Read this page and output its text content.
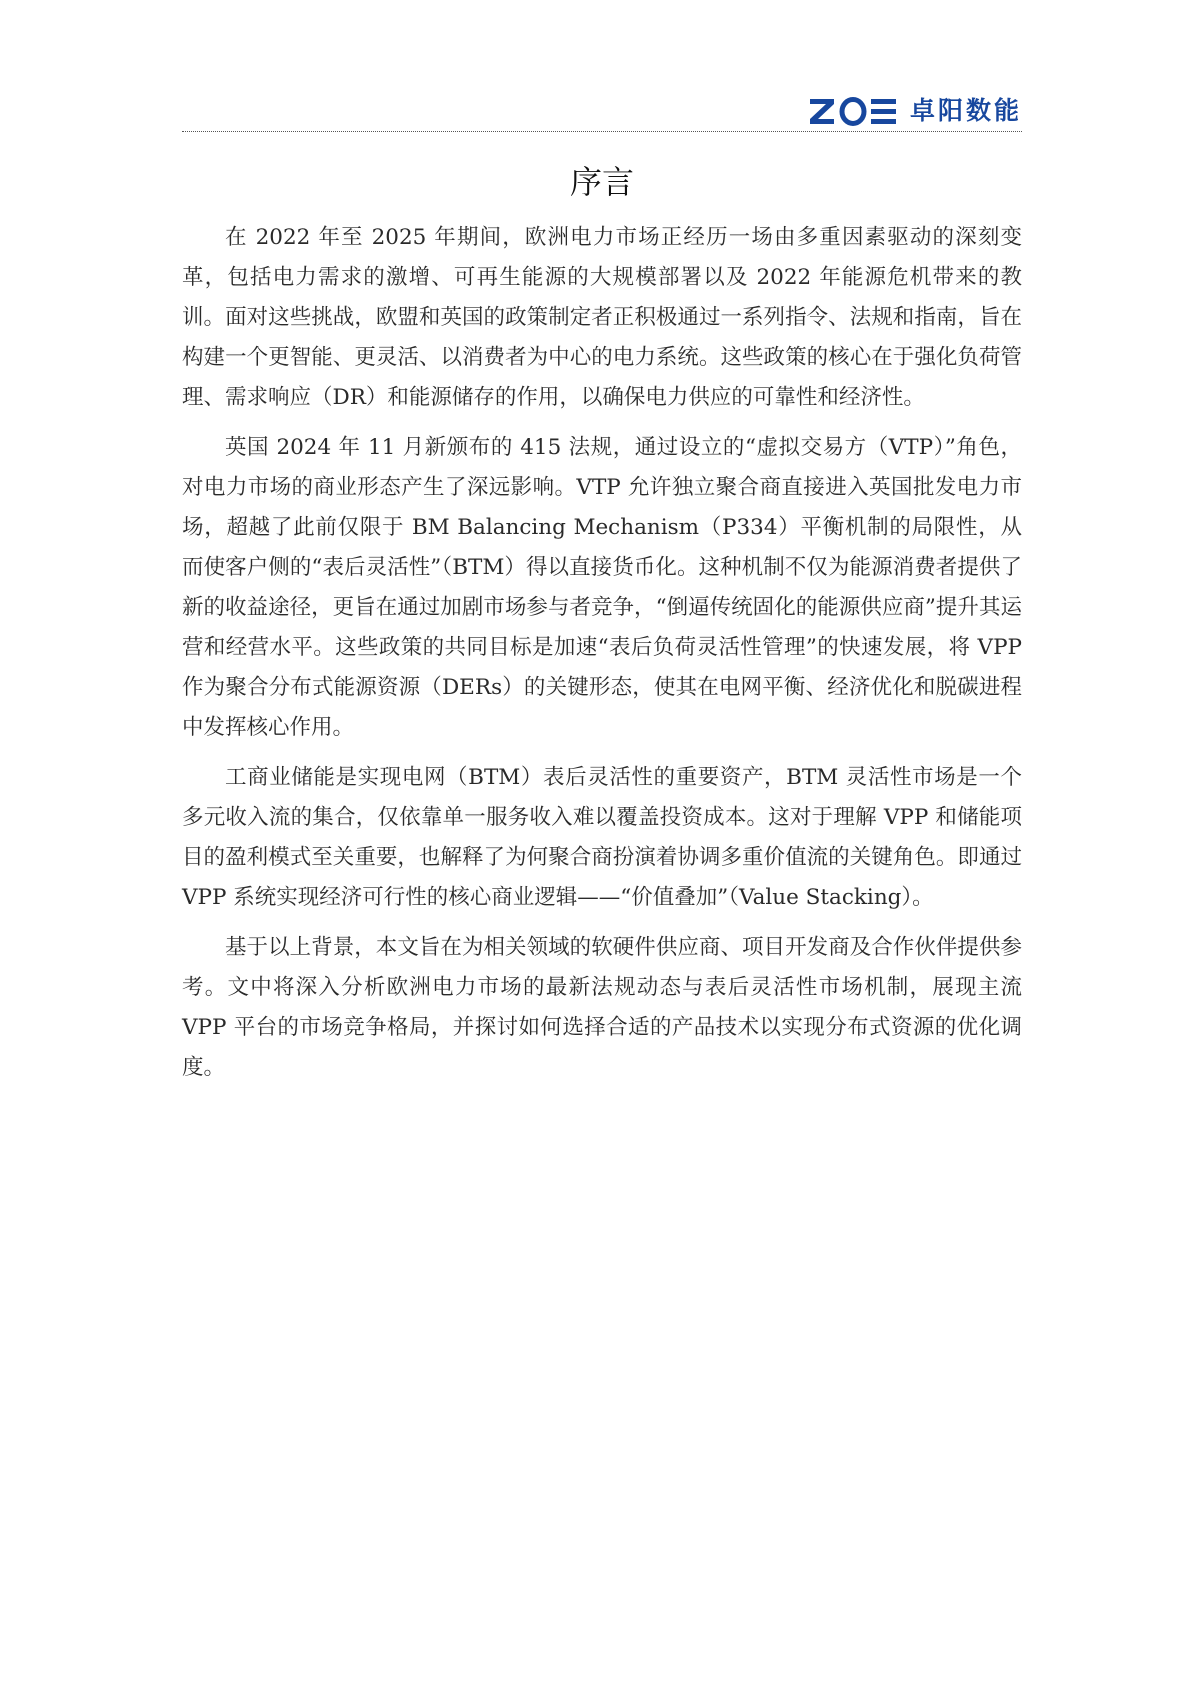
卓阳数能
序言

在 2022 年至 2025 年期间，欧洲电力市场正经历一场由多重因素驱动的深刻变革，包括电力需求的激增、可再生能源的大规模部署以及 2022 年能源危机带来的教训。面对这些挑战，欧盟和英国的政策制定者正积极通过一系列指令、法规和指南，旨在构建一个更智能、更灵活、以消费者为中心的电力系统。这些政策的核心在于强化负荷管理、需求响应（DR）和能源储存的作用，以确保电力供应的可靠性和经济性。

英国 2024 年 11 月新颁布的 415 法规，通过设立的“虚拟交易方（VTP）”角色，对电力市场的商业形态产生了深远影响。VTP 允许独立聚合商直接进入英国批发电力市场，超越了此前仅限于 BM Balancing Mechanism（P334）平衡机制的局限性，从而使客户侧的“表后灵活性”（BTM）得以直接货币化。这种机制不仅为能源消费者提供了新的收益途径，更旨在通过加剧市场参与者竞争，“倒逼传统固化的能源供应商”提升其运营和经营水平。这些政策的共同目标是加速“表后负荷灵活性管理”的快速发展，将 VPP 作为聚合分布式能源资源（DERs）的关键形态，使其在电网平衡、经济优化和脱碳进程中发挥核心作用。

工商业储能是实现电网（BTM）表后灵活性的重要资产，BTM 灵活性市场是一个多元收入流的集合，仅依靠单一服务收入难以覆盖投资成本。这对于理解 VPP 和储能项目的盈利模式至关重要，也解释了为何聚合商扮演着协调多重价值流的关键角色。即通过 VPP 系统实现经济可行性的核心商业逻辑——“价值叠加”（Value Stacking）。

基于以上背景，本文旨在为相关领域的软硬件供应商、项目开发商及合作伙伴提供参考。文中将深入分析欧洲电力市场的最新法规动态与表后灵活性市场机制，展现主流 VPP 平台的市场竞争格局，并探讨如何选择合适的产品技术以实现分布式资源的优化调度。
